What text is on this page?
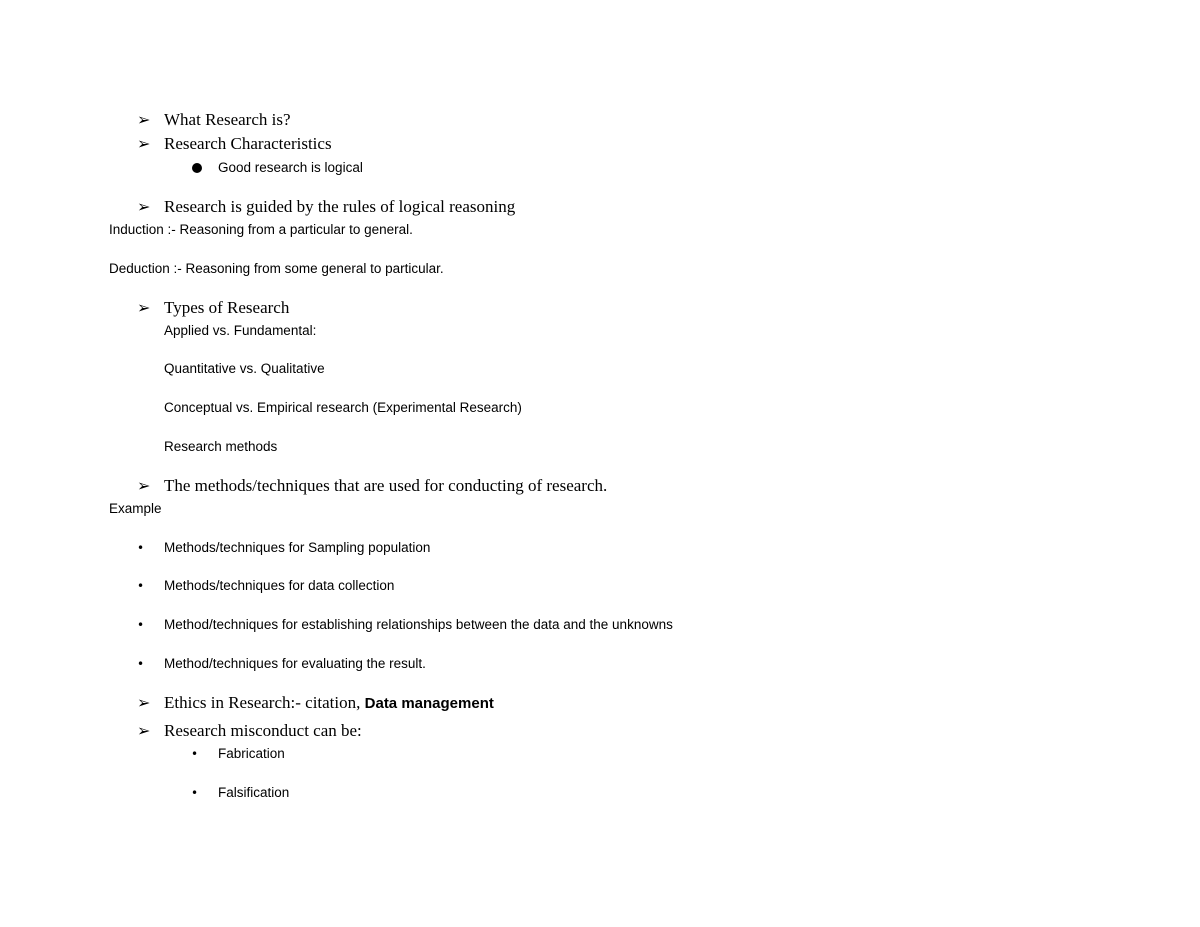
➢ What Research is?
➢ Research Characteristics
Good research is logical
➢ Research is guided by the rules of logical reasoning
Induction :- Reasoning from a particular to general.
Deduction :- Reasoning from some general to particular.
➢ Types of Research
Applied vs. Fundamental:
Quantitative vs. Qualitative
Conceptual vs. Empirical research (Experimental Research)
Research methods
➢ The methods/techniques that are used for conducting of research.
Example
• Methods/techniques for Sampling population
• Methods/techniques for data collection
• Method/techniques for establishing relationships between the data and the unknowns
• Method/techniques for evaluating the result.
➢ Ethics in Research:- citation, Data management
➢ Research misconduct can be:
• Fabrication
• Falsification
